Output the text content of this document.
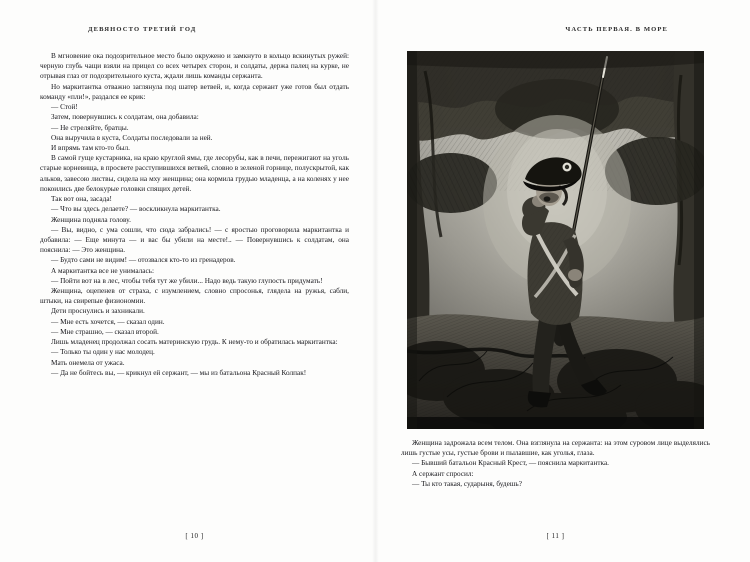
ДЕВЯНОСТО ТРЕТИЙ ГОД

В мгновение ока подозрительное место было окружено и замкнуто в кольцо вскинутых ружей: черную глубь чащи взяли на прицел со всех четырех сторон, и солдаты, держа палец на курке, не отрывая глаз от подозрительного куста, ждали лишь команды сержанта.

Но маркитантка отважно заглянула под шатер ветвей, и, когда сержант уже готов был отдать команду «пли!», раздался ее крик:

— Стой!

Затем, повернувшись к солдатам, она добавила:

— Не стреляйте, братцы.

Она выручила в куста, Солдаты последовали за ней.

И впрямь там кто-то был.

В самой гуще кустарника, на краю круглой ямы, где лесорубы, как в печи, пережигают на уголь старые корневища, в просвете расступившихся ветвей, словно в зеленой горнице, полускрытой, как альков, завесою листвы, сидела на мху женщина; она кормила грудью младенца, а на коленях у нее покоились две белокурые головки спящих детей.

Так вот она, засада!

— Что вы здесь делаете? — воскликнула маркитантка.

Женщина подняла голову.

— Вы, видно, с ума сошли, что сюда забрались! — с яростью проговорила маркитантка и добавила: — Еще минута — и вас бы убили на месте!.. — Повернувшись к солдатам, она пояснила: — Это женщина.

— Будто сами не видим! — отозвался кто-то из гренадеров.

А маркитантка все не унималась:

— Пойти вот на в лес, чтобы тебя тут же убили... Надо ведь такую глупость придумать!

Женщина, оцепенев от страха, с изумлением, словно спросонья, глядела на ружья, сабли, штыки, на свирепые физиономии.

Дети проснулись и захникали.

— Мне есть хочется, — сказал один.

— Мне страшно, — сказал второй.

Лишь младенец продолжал сосать материнскую грудь. К нему-то и обратилась маркитантка:

— Только ты один у нас молодец.

Мать онемела от ужаса.

— Да не бойтесь вы, — крикнул ей сержант, — мы из батальона Красный Колпак!

[ 10 ]
ЧАСТЬ ПЕРВАЯ. В МОРЕ

Женщина задрожала всем телом. Она взглянула на сержанта: на этом суровом лице выделялись лишь густые усы, густые брови и пылавшие, как уголья, глаза.

— Бывший батальон Красный Крест, — пояснила маркитантка.

А сержант спросил:

— Ты кто такая, сударыня, будешь?

[ 11 ]
